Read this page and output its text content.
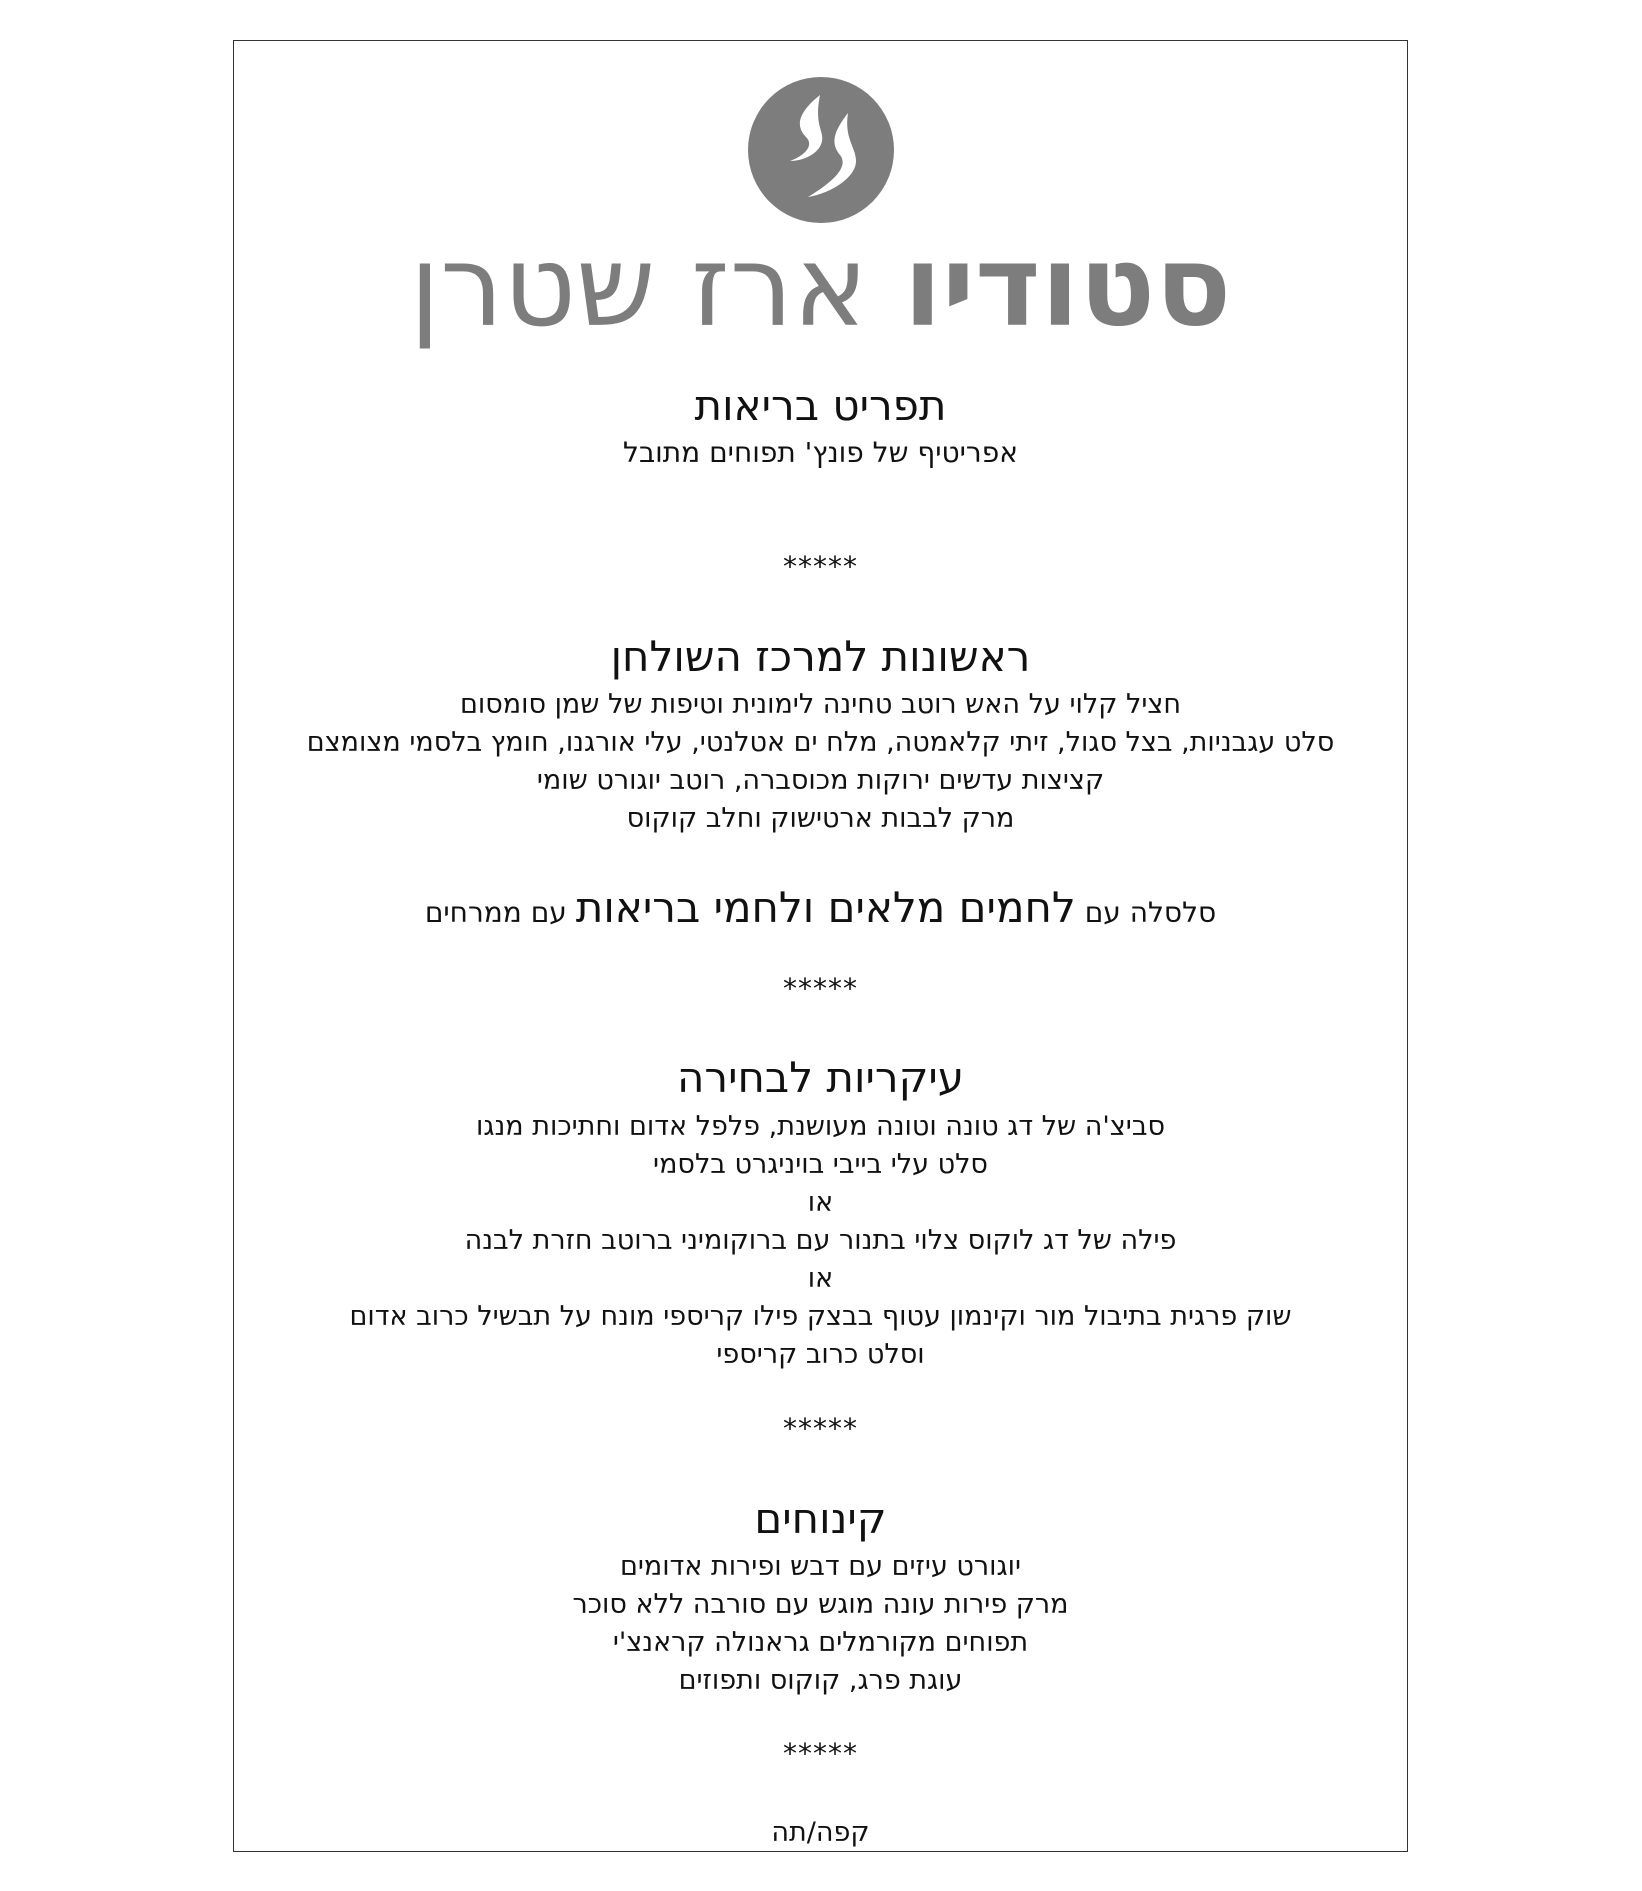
סטודיו ארז שטרן
תפריט בריאות
אפריטיף של פונץ' תפוחים מתובל
*****
ראשונות למרכז השולחן
חציל קלוי על האש רוטב טחינה לימונית וטיפות של שמן סומסום
סלט עגבניות, בצל סגול, זיתי קלאמטה, מלח ים אטלנטי, עלי אורגנו, חומץ בלסמי מצומצם
קציצות עדשים ירוקות מכוסברה, רוטב יוגורט שומי
מרק לבבות ארטישוק וחלב קוקוס
סלסלה עם לחמים מלאים ולחמי בריאות עם ממרחים
*****
עיקריות לבחירה
סביצ'ה של דג טונה וטונה מעושנת, פלפל אדום וחתיכות מנגו
סלט עלי בייבי בויניגרט בלסמי
או
פילה של דג לוקוס צלוי בתנור עם ברוקומיני ברוטב חזרת לבנה
או
שוק פרגית בתיבול מור וקינמון עטוף בבצק פילו קריספי מונח על תבשיל כרוב אדום
וסלט כרוב קריספי
*****
קינוחים
יוגורט עיזים עם דבש ופירות אדומים
מרק פירות עונה מוגש עם סורבה ללא סוכר
תפוחים מקורמלים גראנולה קראנצ'י
עוגת פרג, קוקוס ותפוזים
*****
קפה/תה
